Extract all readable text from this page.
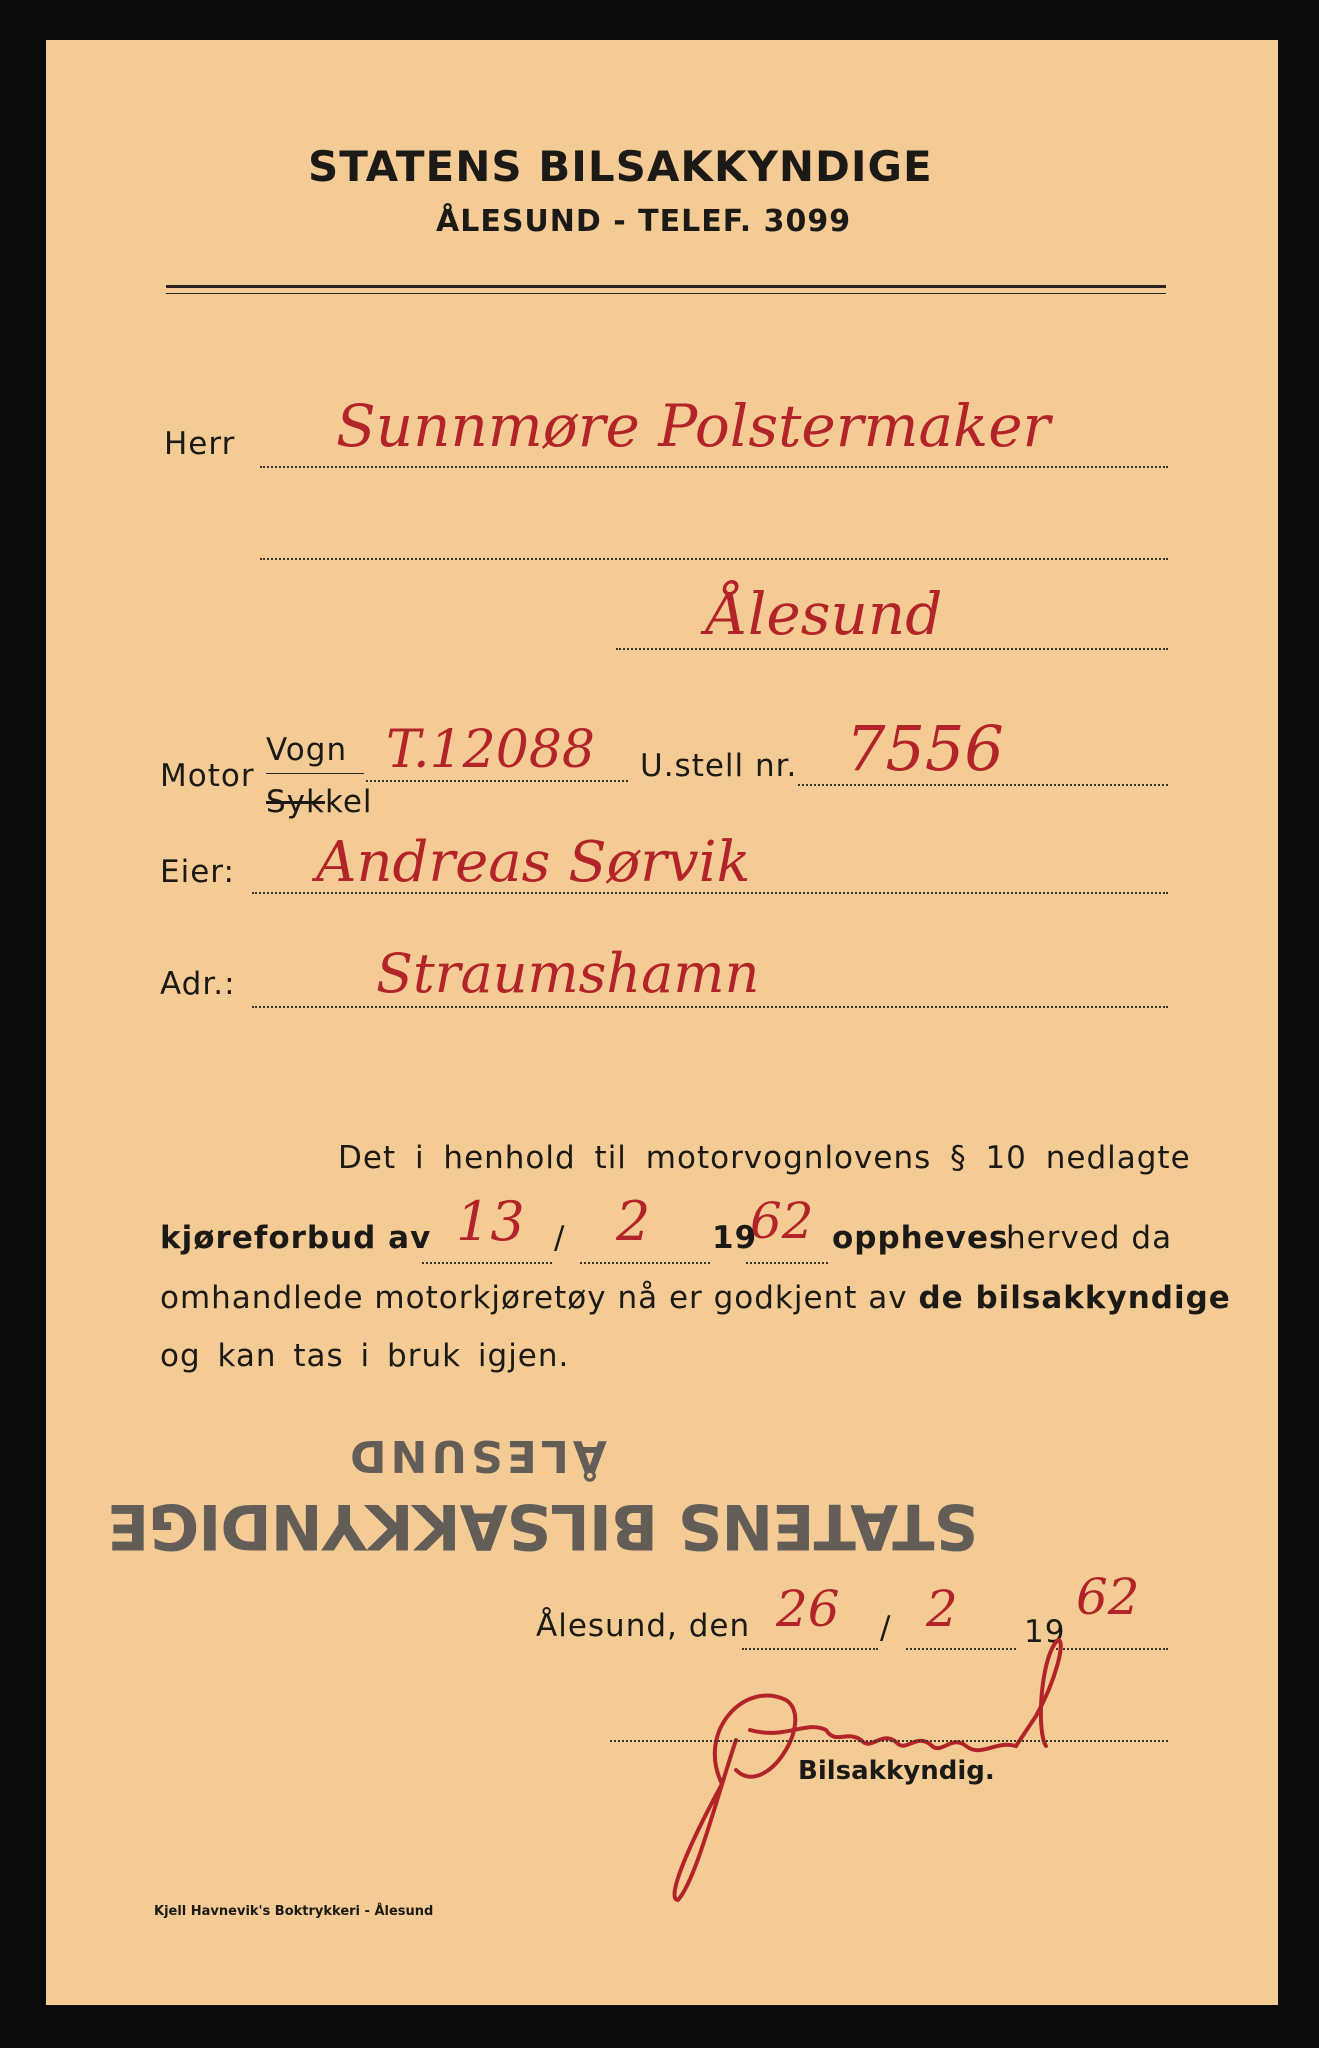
STATENS BILSAKKYNDIGE
ÅLESUND - TELEF. 3099
Herr Sunnmøre Polstermaker
Ålesund
Motor
Vogn
Sykkel
T.12088 U.stell nr. 7556
Eier: Andreas Sørvik
Adr.:	Straumshamn
Det i henhold til motorvognlovens § 10 nedlagte
kjøreforbud av 13 / 2 19
62 oppheves
herved da
omhandlede motorkjøretøy nå er godkjent av de bilsakkyndige
og kan tas i bruk igjen.
ÅLESUND
STATENS BILSAKKYNDIGE
Ålesund, den 26 / 2 19
62
Bilsakkyndig.
Kjell Havnevik's Boktrykkeri - Ålesund
